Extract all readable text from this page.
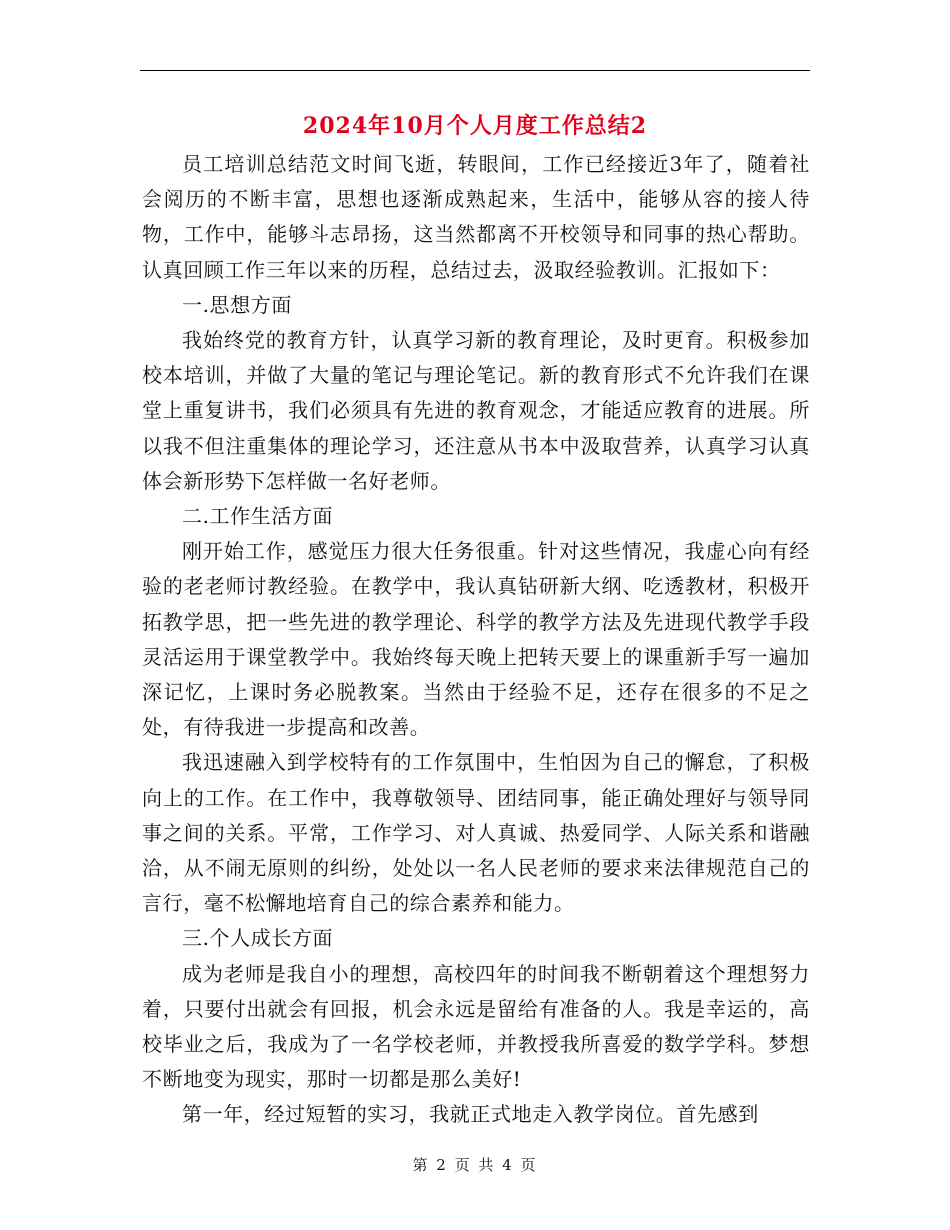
2024年10月个人月度工作总结2

员工培训总结范文时间飞逝，转眼间，工作已经接近3年了，随着社会阅历的不断丰富，思想也逐渐成熟起来，生活中，能够从容的接人待物，工作中，能够斗志昂扬，这当然都离不开校领导和同事的热心帮助。认真回顾工作三年以来的历程，总结过去，汲取经验教训。汇报如下：

一.思想方面

我始终党的教育方针，认真学习新的教育理论，及时更育。积极参加校本培训，并做了大量的笔记与理论笔记。新的教育形式不允许我们在课堂上重复讲书，我们必须具有先进的教育观念，才能适应教育的进展。所以我不但注重集体的理论学习，还注意从书本中汲取营养，认真学习认真体会新形势下怎样做一名好老师。

二.工作生活方面

刚开始工作，感觉压力很大任务很重。针对这些情况，我虚心向有经验的老老师讨教经验。在教学中，我认真钻研新大纲、吃透教材，积极开拓教学思，把一些先进的教学理论、科学的教学方法及先进现代教学手段灵活运用于课堂教学中。我始终每天晚上把转天要上的课重新手写一遍加深记忆，上课时务必脱教案。当然由于经验不足，还存在很多的不足之处，有待我进一步提高和改善。

我迅速融入到学校特有的工作氛围中，生怕因为自己的懈怠，了积极向上的工作。在工作中，我尊敬领导、团结同事，能正确处理好与领导同事之间的关系。平常，工作学习、对人真诚、热爱同学、人际关系和谐融洽，从不闹无原则的纠纷，处处以一名人民老师的要求来法律规范自己的言行，毫不松懈地培育自己的综合素养和能力。

三.个人成长方面

成为老师是我自小的理想，高校四年的时间我不断朝着这个理想努力着，只要付出就会有回报，机会永远是留给有准备的人。我是幸运的，高校毕业之后，我成为了一名学校老师，并教授我所喜爱的数学学科。梦想不断地变为现实，那时一切都是那么美好!

第一年，经过短暂的实习，我就正式地走入教学岗位。首先感到

第 2 页 共 4 页
